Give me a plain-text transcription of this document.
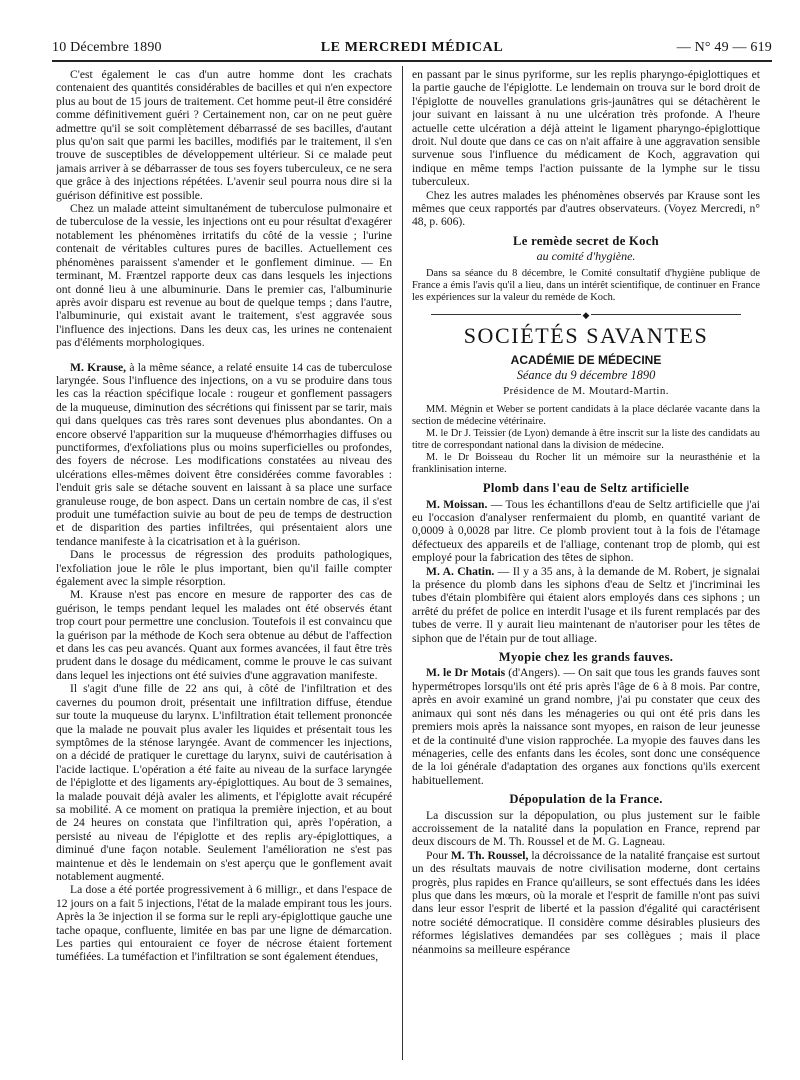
10 Décembre 1890	LE MERCREDI MÉDICAL	— N° 49 — 619

C'est également le cas d'un autre homme dont les crachats contenaient des quantités considérables de bacilles et qui n'en expectore plus au bout de 15 jours de traitement. Cet homme peut-il être considéré comme définitivement guéri ? Certainement non, car on ne peut guère admettre qu'il se soit complètement débarrassé de ses bacilles, d'autant plus qu'on sait que parmi les bacilles, modifiés par le traitement, il s'en trouve de susceptibles de développement ultérieur. Si ce malade peut jamais arriver à se débarrasser de tous ses foyers tuberculeux, ce ne sera que grâce à des injections répétées. L'avenir seul pourra nous dire si la guérison définitive est possible.

Chez un malade atteint simultanément de tuberculose pulmonaire et de tuberculose de la vessie, les injections ont eu pour résultat d'exagérer notablement les phénomènes irritatifs du côté de la vessie ; l'urine contenait de véritables cultures pures de bacilles. Actuellement ces phénomènes paraissent s'amender et le gonflement diminue. — En terminant, M. Fræntzel rapporte deux cas dans lesquels les injections ont donné lieu à une albuminurie. Dans le premier cas, l'albuminurie après avoir disparu est revenue au bout de quelque temps ; dans l'autre, l'albuminurie, qui existait avant le traitement, s'est aggravée sous l'influence des injections. Dans les deux cas, les urines ne contenaient pas d'éléments morphologiques.

M. Krause, à la même séance, a relaté ensuite 14 cas de tuberculose laryngée. Sous l'influence des injections, on a vu se produire dans tous les cas la réaction spécifique locale : rougeur et gonflement passagers de la muqueuse, diminution des sécrétions qui finissent par se tarir, mais qui dans quelques cas très rares sont devenues plus abondantes. On a encore observé l'apparition sur la muqueuse d'hémorrhagies diffuses ou punctiformes, d'exfoliations plus ou moins superficielles ou profondes, des foyers de nécrose. Les modifications constatées au niveau des ulcérations elles-mêmes doivent être considérées comme favorables : l'enduit gris sale se détache souvent en laissant à sa place une surface granuleuse rouge, de bon aspect. Dans un certain nombre de cas, il s'est produit une tuméfaction suivie au bout de peu de temps de destruction et de disparition des parties infiltrées, qui présentaient alors une tendance manifeste à la cicatrisation et à la guérison.

Dans le processus de régression des produits pathologiques, l'exfoliation joue le rôle le plus important, bien qu'il faille compter également avec la simple résorption.

M. Krause n'est pas encore en mesure de rapporter des cas de guérison, le temps pendant lequel les malades ont été observés étant trop court pour permettre une conclusion. Toutefois il est convaincu que la guérison par la méthode de Koch sera obtenue au début de l'affection et dans les cas peu avancés. Quant aux formes avancées, il faut être très prudent dans le dosage du médicament, comme le prouve le cas suivant dans lequel les injections ont été suivies d'une aggravation manifeste.

Il s'agit d'une fille de 22 ans qui, à côté de l'infiltration et des cavernes du poumon droit, présentait une infiltration diffuse, étendue sur toute la muqueuse du larynx. L'infiltration était tellement prononcée que la malade ne pouvait plus avaler les liquides et présentait tous les symptômes de la sténose laryngée. Avant de commencer les injections, on a décidé de pratiquer le curettage du larynx, suivi de cautérisation à l'acide lactique. L'opération a été faite au niveau de la surface laryngée de l'épiglotte et des ligaments ary-épiglottiques. Au bout de 3 semaines, la malade pouvait déjà avaler les aliments, et l'épiglotte avait récupéré sa mobilité. A ce moment on pratiqua la première injection, et au bout de 24 heures on constata que l'infiltration qui, après l'opération, a persisté au niveau de l'épiglotte et des replis ary-épiglottiques, a diminué d'une façon notable. Seulement l'amélioration ne s'est pas maintenue et dès le lendemain on s'est aperçu que le gonflement avait notablement augmenté.

La dose a été portée progressivement à 6 milligr., et dans l'espace de 12 jours on a fait 5 injections, l'état de la malade empirant tous les jours. Après la 3e injection il se forma sur le repli ary-épiglottique gauche une tache opaque, confluente, limitée en bas par une ligne de démarcation. Les parties qui entouraient ce foyer de nécrose étaient fortement tuméfiées. La tuméfaction et l'infiltration se sont également étendues,

en passant par le sinus pyriforme, sur les replis pharyngo-épiglottiques et la partie gauche de l'épiglotte. Le lendemain on trouva sur le bord droit de l'épiglotte de nouvelles granulations gris-jaunâtres qui se détachèrent le jour suivant en laissant à nu une ulcération très profonde. A l'heure actuelle cette ulcération a déjà atteint le ligament pharyngo-épiglottique droit. Nul doute que dans ce cas on n'ait affaire à une aggravation sensible survenue sous l'influence du médicament de Koch, aggravation qui indique en même temps l'action puissante de la lymphe sur le tissu tuberculeux.

Chez les autres malades les phénomènes observés par Krause sont les mêmes que ceux rapportés par d'autres observateurs. (Voyez Mercredi, n° 48, p. 606).

Le remède secret de Koch
au comité d'hygiène.

Dans sa séance du 8 décembre, le Comité consultatif d'hygiène publique de France a émis l'avis qu'il a lieu, dans un intérêt scientifique, de continuer en France les expériences sur la valeur du remède de Koch.

◆
SOCIÉTÉS SAVANTES
ACADÉMIE DE MÉDECINE
Séance du 9 décembre 1890
Présidence de M. Moutard-Martin.

MM. Mégnin et Weber se portent candidats à la place déclarée vacante dans la section de médecine vétérinaire.

M. le Dr J. Teissier (de Lyon) demande à être inscrit sur la liste des candidats au titre de correspondant national dans la division de médecine.

M. le Dr Boisseau du Rocher lit un mémoire sur la neurasthénie et la franklinisation interne.

Plomb dans l'eau de Seltz artificielle

M. Moissan. — Tous les échantillons d'eau de Seltz artificielle que j'ai eu l'occasion d'analyser renfermaient du plomb, en quantité variant de 0,0009 à 0,0028 par litre. Ce plomb provient tout à la fois de l'étamage défectueux des appareils et de l'alliage, contenant trop de plomb, qui est employé pour la fabrication des têtes de siphon.

M. A. Chatin. — Il y a 35 ans, à la demande de M. Robert, je signalai la présence du plomb dans les siphons d'eau de Seltz et j'incriminai les tubes d'étain plombifère qui étaient alors employés dans ces siphons ; un arrêté du préfet de police en interdit l'usage et ils furent remplacés par des tubes de verre. Il y aurait lieu maintenant de n'autoriser pour les têtes de siphon que de l'étain pur de tout alliage.

Myopie chez les grands fauves.

M. le Dr Motais (d'Angers). — On sait que tous les grands fauves sont hypermétropes lorsqu'ils ont été pris après l'âge de 6 à 8 mois. Par contre, après en avoir examiné un grand nombre, j'ai pu constater que ceux des animaux qui sont nés dans les ménageries ou qui ont été pris dans les premiers mois après la naissance sont myopes, en raison de leur jeunesse et de la continuité d'une vision rapprochée. La myopie des fauves dans les ménageries, celle des enfants dans les écoles, sont donc une conséquence de la loi générale d'adaptation des organes aux fonctions qu'ils exercent habituellement.

Dépopulation de la France.

La discussion sur la dépopulation, ou plus justement sur le faible accroissement de la natalité dans la population en France, reprend par deux discours de M. Th. Roussel et de M. G. Lagneau.

Pour M. Th. Roussel, la décroissance de la natalité française est surtout un des résultats mauvais de notre civilisation moderne, dont certains progrès, plus rapides en France qu'ailleurs, se sont effectués dans les idées plus que dans les mœurs, où la morale et l'esprit de famille n'ont pas suivi dans leur essor l'esprit de liberté et la passion d'égalité qui caractérisent notre société démocratique. Il considère comme désirables plusieurs des réformes législatives demandées par ses collègues ; mais il place néanmoins sa meilleure espérance
